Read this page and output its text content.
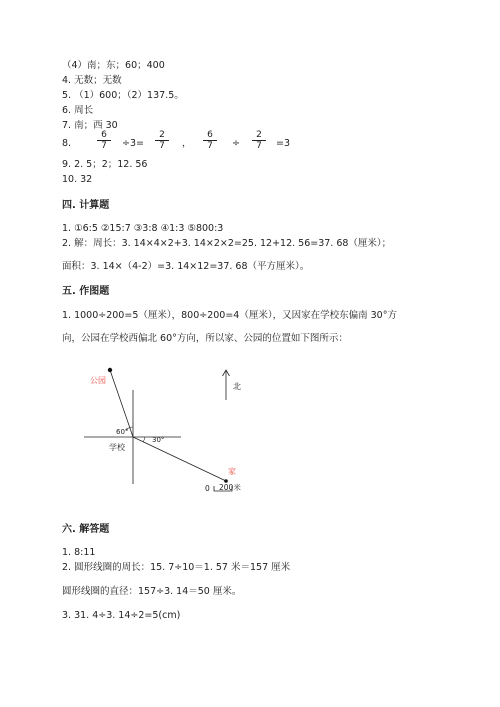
（4）南；东；60；400
4. 无数；无数
5. （1）600；（2）137.5。
6. 周长
7. 南；西 30
8.	$\frac{6}{7} \div 3= \frac{2}{7}$ ， $\frac{6}{7} \div \frac{2}{7} =3$
9. 2. 5；2；12. 56
10. 32
四. 计算题
1. ①6:5 ②15:7 ③3:8 ④1:3 ⑤800:3
2. 解：周长：3. 14×4×2+3. 14×2×2=25. 12+12. 56=37. 68（厘米）；
面积：3. 14×（4-2）=3. 14×12=37. 68（平方厘米）。
五. 作图题
1. 1000÷200=5（厘米），800÷200=4（厘米），又因家在学校东偏南 30°方
向，公园在学校西偏北 60°方向，所以家、公园的位置如下图所示：
公园
学校
家
北
60°
30°
0 200米
六. 解答题
1. 8:11
2. 圆形线圈的周长：15. 7÷10＝1. 57 米＝157 厘米
圆形线圈的直径：157÷3. 14＝50 厘米。
3. 31. 4÷3. 14÷2=5(cm)
